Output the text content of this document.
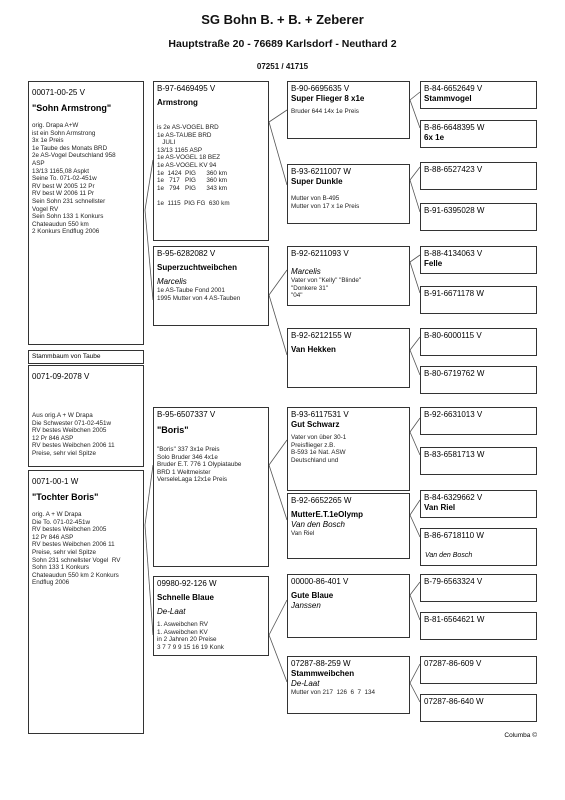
SG Bohn B. + B. + Zeberer
Hauptstraße 20 - 76689 Karlsdorf - Neuthard 2
07251 / 41715
00071-00-25 V
"Sohn Armstrong"
orig. Drapa A+W
ist ein Sohn Armstrong
3x 1e Preis
1e Taube des Monats BRD
2e AS-Vogel Deutschland 958
ASP
13/13 1165,08 Aspkt
Seine To. 071-02-451w
RV best W 2005 12 Pr
RV best W 2006 11 Pr
Sein Sohn 231 schnellster
Vogel RV
Sein Sohn 133 1 Konkurs
Chateaudun 550 km
2 Konkurs Endflug 2006
Stammbaum von Taube
0071-09-2078 V
Aus orig.A + W Drapa
Die Schwester 071-02-451w
RV bestes Weibchen 2005
12 Pr 846 ASP
RV bestes Weibchen 2006 11
Preise, sehr viel Spitze
0071-00-1 W
"Tochter Boris"
orig. A + W Drapa
Die To. 071-02-451w
RV bestes Weibchen 2005
12 Pr 846 ASP
RV bestes Weibchen 2006 11
Preise, sehr viel Spitze
Sohn 231 schnellster Vogel  RV
Sohn 133 1 Konkurs
Chateaudun 550 km 2 Konkurs
Endflug 2006
B-97-6469495 V
Armstrong
is 2e AS-VOGEL BRD
1e AS-TAUBE BRD
JULI
13/13 1165 ASP
1e AS-VOGEL 18 BEZ
1e AS-VOGEL KV 94
1e  1424  PIG      360 km
1e   717   PIG      360 km
1e   794   PIG      343 km

1e  1115  PIG FG  630 km
B-95-6282082 V
Superzuchtweibchen
Marcelis
1e AS-Taube Fond 2001
1995 Mutter von 4 AS-Tauben
B-95-6507337 V
"Boris"
"Boris" 337 3x1e Preis
Solo Bruder 346 4x1e
Bruder E.T. 776 1 Olypiataube
BRD 1 Weltmeister
VerseleLaga 12x1e Preis
09980-92-126 W
Schnelle Blaue
De-Laat
1. Asweibchen RV
1. Asweibchen KV
in 2 Jahren 20 Preise
3 7 7 9 9 15 16 19 Konk
B-90-6695635 V
Super Flieger 8 x1e
Bruder 644 14x 1e Preis
B-93-6211007 W
Super Dunkle
Mutter von B-495
Mutter von 17 x 1e Preis
B-92-6211093 V
Marcelis
Vater von "Kelly" "Blinde"
"Donkere 31"
"04"
B-92-6212155 W
Van Hekken
B-93-6117531 V
Gut Schwarz
Vater von über 30-1
Preisflieger z.B.
B-593 1e Nat. ASW
Deutschland und
B-92-6652265 W
MutterE.T.1eOlymp
Van den Bosch
Van Riel
00000-86-401 V
Gute Blaue
Janssen
07287-88-259 W
Stammweibchen
De-Laat
Mutter von 217  126  6  7  134
B-84-6652649 V
Stammvogel
B-86-6648395 W
6x 1e
B-88-6527423 V
B-91-6395028 W
B-88-4134063 V
Felle
B-91-6671178 W
B-80-6000115 V
B-80-6719762 W
B-92-6631013 V
B-83-6581713 W
B-84-6329662 V
Van Riel
B-86-6718110 W
Van den Bosch
B-79-6563324 V
B-81-6564621 W
07287-86-609 V
07287-86-640 W
Columba ©
